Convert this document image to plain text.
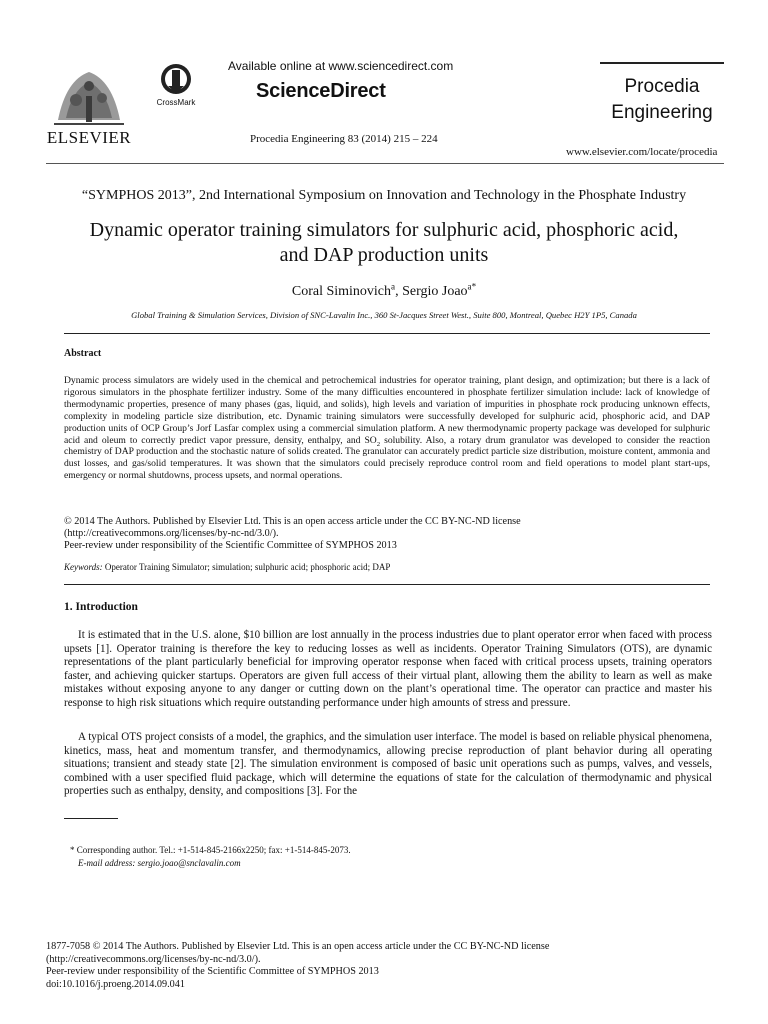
ELSEVIER
CrossMark
Available online at www.sciencedirect.com
ScienceDirect
Procedia Engineering 83 (2014) 215 – 224
Procedia
Engineering
www.elsevier.com/locate/procedia
“SYMPHOS 2013”, 2nd International Symposium on Innovation and Technology in the Phosphate Industry
Dynamic operator training simulators for sulphuric acid, phosphoric acid,
and DAP production units
Coral Siminovich$^a$, Sergio Joao$^{a*}$
Global Training & Simulation Services, Division of SNC-Lavalin Inc., 360 St-Jacques Street West., Suite 800, Montreal, Quebec H2Y 1P5, Canada
Abstract
Dynamic process simulators are widely used in the chemical and petrochemical industries for operator training, plant design, and optimization; but there is a lack of rigorous simulators in the phosphate fertilizer industry. Some of the many difficulties encountered in phosphate fertilizer simulation include: lack of knowledge of thermodynamic properties, presence of many phases (gas, liquid, and solids), high levels and variation of impurities in phosphate rock producing unknown effects, complexity in modeling particle size distribution, etc. Dynamic training simulators were successfully developed for sulphuric acid, phosphoric acid, and DAP production units of OCP Group’s Jorf Lasfar complex using a commercial simulation platform. A new thermodynamic property package was developed for sulphuric acid and oleum to correctly predict vapor pressure, density, enthalpy, and $SO_2$ solubility. Also, a rotary drum granulator was developed to consider the reaction chemistry of DAP production and the stochastic nature of solids created. The granulator can accurately predict particle size distribution, moisture content, ammonia and dust losses, and gas/solid temperatures. It was shown that the simulators could precisely reproduce control room and field operations to model plant start-ups, emergency or normal shutdowns, process upsets, and normal operations.
© 2014 The Authors. Published by Elsevier Ltd. This is an open access article under the CC BY-NC-ND license
(http://creativecommons.org/licenses/by-nc-nd/3.0/).
Peer-review under responsibility of the Scientific Committee of SYMPHOS 2013
Keywords: Operator Training Simulator; simulation; sulphuric acid; phosphoric acid; DAP
1. Introduction
It is estimated that in the U.S. alone, $10 billion are lost annually in the process industries due to plant operator error when faced with process upsets [1]. Operator training is therefore the key to reducing losses as well as incidents. Operator Training Simulators (OTS), are dynamic representations of the plant particularly beneficial for improving operator response when faced with critical process upsets, training operators faster, and achieving quicker startups. Operators are given full access of their virtual plant, allowing them the ability to learn as well as make mistakes without exposing anyone to any danger or cutting down on the plant’s operational time. The operator can practice and master his response to high risk situations which require outstanding performance under high amounts of stress and pressure.
A typical OTS project consists of a model, the graphics, and the simulation user interface. The model is based on reliable physical phenomena, kinetics, mass, heat and momentum transfer, and thermodynamics, allowing precise reproduction of plant behavior during all operating situations; transient and steady state [2]. The simulation environment is composed of basic unit operations such as pumps, valves, and vessels, combined with a user specified fluid package, which will determine the equations of state for the calculation of thermodynamic and physical properties such as enthalpy, density, and compositions [3]. For the
* Corresponding author. Tel.: +1-514-845-2166x2250; fax: +1-514-845-2073.
E-mail address: sergio.joao@snclavalin.com
1877-7058 © 2014 The Authors. Published by Elsevier Ltd. This is an open access article under the CC BY-NC-ND license
(http://creativecommons.org/licenses/by-nc-nd/3.0/).
Peer-review under responsibility of the Scientific Committee of SYMPHOS 2013
doi:10.1016/j.proeng.2014.09.041
